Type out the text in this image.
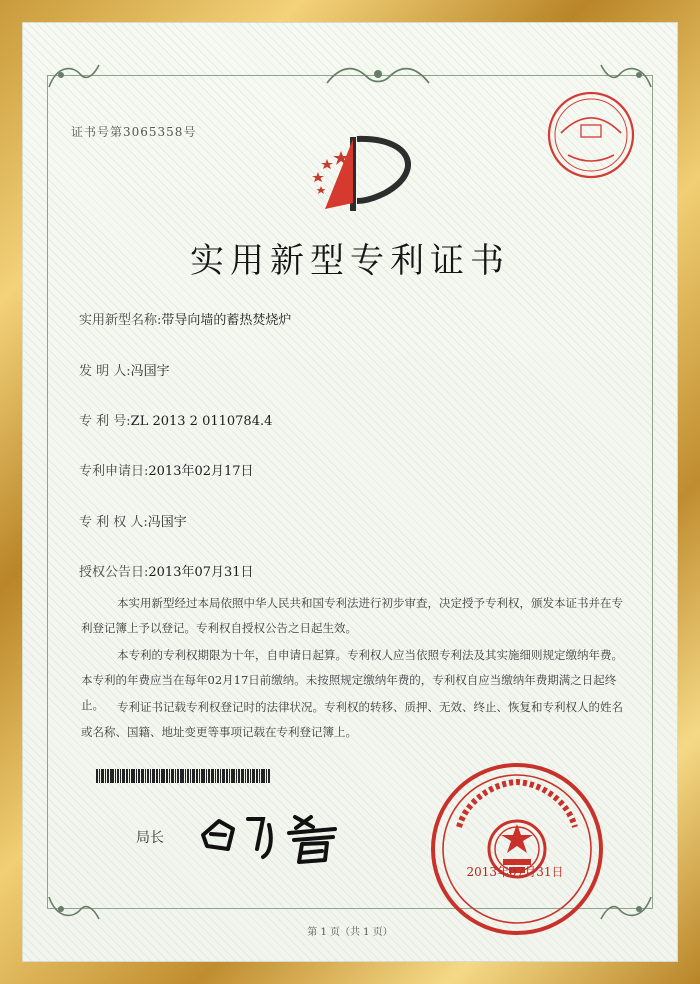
证书号第3065358号
实用新型专利证书
实用新型名称:带导向墙的蓄热焚烧炉
发 明 人:冯国宇
专 利 号:ZL 2013 2 0110784.4
专利申请日:2013年02月17日
专 利 权 人:冯国宇
授权公告日:2013年07月31日
本实用新型经过本局依照中华人民共和国专利法进行初步审查，决定授予专利权，颁发本证书并在专利登记簿上予以登记。专利权自授权公告之日起生效。
本专利的专利权期限为十年，自申请日起算。专利权人应当依照专利法及其实施细则规定缴纳年费。本专利的年费应当在每年02月17日前缴纳。未按照规定缴纳年费的，专利权自应当缴纳年费期满之日起终止。	专利证书记载专利权登记时的法律状况。专利权的转移、质押、无效、终止、恢复和专利权人的姓名或名称、国籍、地址变更等事项记载在专利登记簿上。
局长
2013年07月31日
第 1 页（共 1 页）
